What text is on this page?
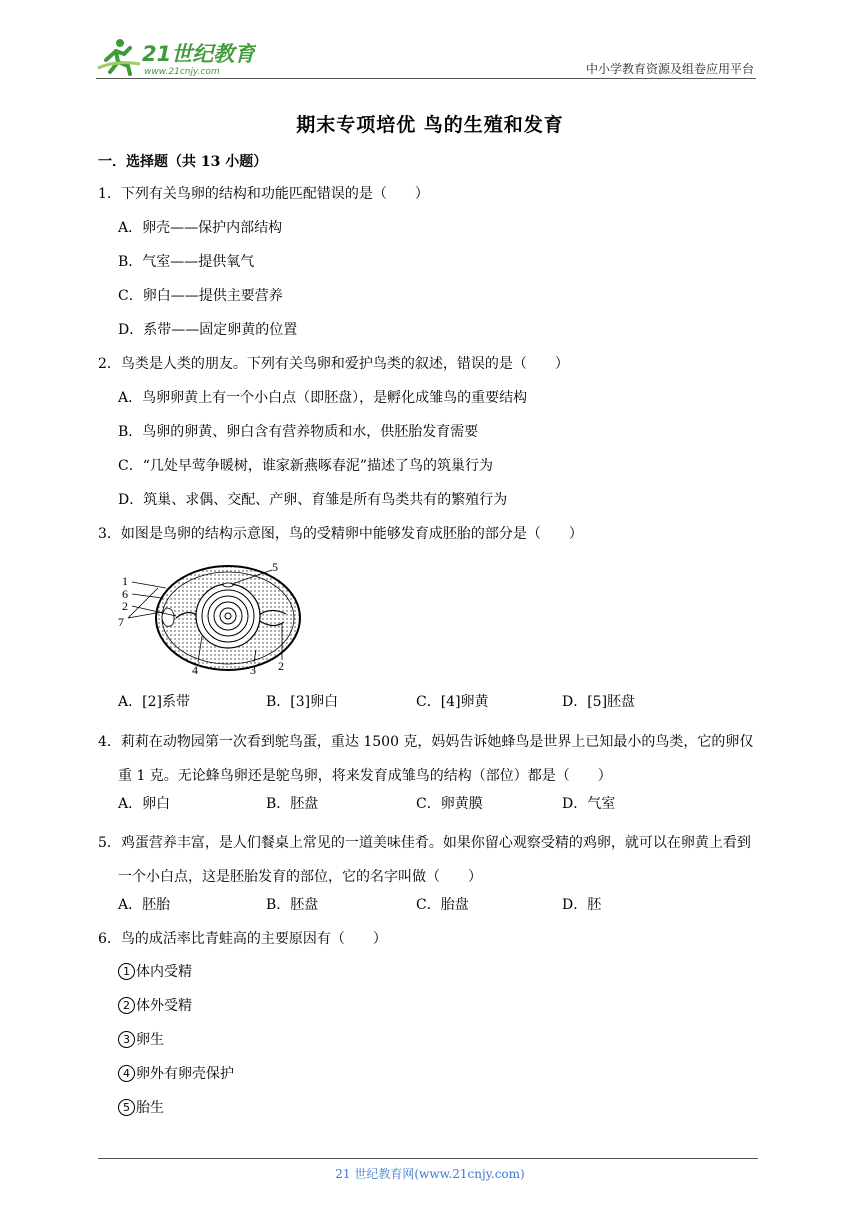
21世纪教育
www.21cnjy.com	中小学教育资源及组卷应用平台
期末专项培优 鸟的生殖和发育
一．选择题（共 13 小题）
1．下列有关鸟卵的结构和功能匹配错误的是（　　）
A．卵壳——保护内部结构
B．气室——提供氧气
C．卵白——提供主要营养
D．系带——固定卵黄的位置
2．鸟类是人类的朋友。下列有关鸟卵和爱护鸟类的叙述，错误的是（　　）
A．鸟卵卵黄上有一个小白点（即胚盘），是孵化成雏鸟的重要结构
B．鸟卵的卵黄、卵白含有营养物质和水，供胚胎发育需要
C．“几处早莺争暖树，谁家新燕啄春泥”描述了鸟的筑巢行为
D．筑巢、求偶、交配、产卵、育雏是所有鸟类共有的繁殖行为
3．如图是鸟卵的结构示意图，鸟的受精卵中能够发育成胚胎的部分是（　　）
1
6
2
7
5
4	3 2
A．[2]系带	B．[3]卵白	C．[4]卵黄	D．[5]胚盘
4．莉莉在动物园第一次看到鸵鸟蛋，重达 1500 克，妈妈告诉她蜂鸟是世界上已知最小的鸟类，它的卵仅重 1 克。无论蜂鸟卵还是鸵鸟卵，将来发育成雏鸟的结构（部位）都是（　　）
A．卵白	B．胚盘	C．卵黄膜	D．气室
5．鸡蛋营养丰富，是人们餐桌上常见的一道美味佳肴。如果你留心观察受精的鸡卵，就可以在卵黄上看到一个小白点，这是胚胎发育的部位，它的名字叫做（　　）
A．胚胎	B．胚盘	C．胎盘	D．胚
6．鸟的成活率比青蛙高的主要原因有（　　）
1 体内受精
2 体外受精
3 卵生
4 卵外有卵壳保护
5 胎生
21 世纪教育网(www.21cnjy.com)
